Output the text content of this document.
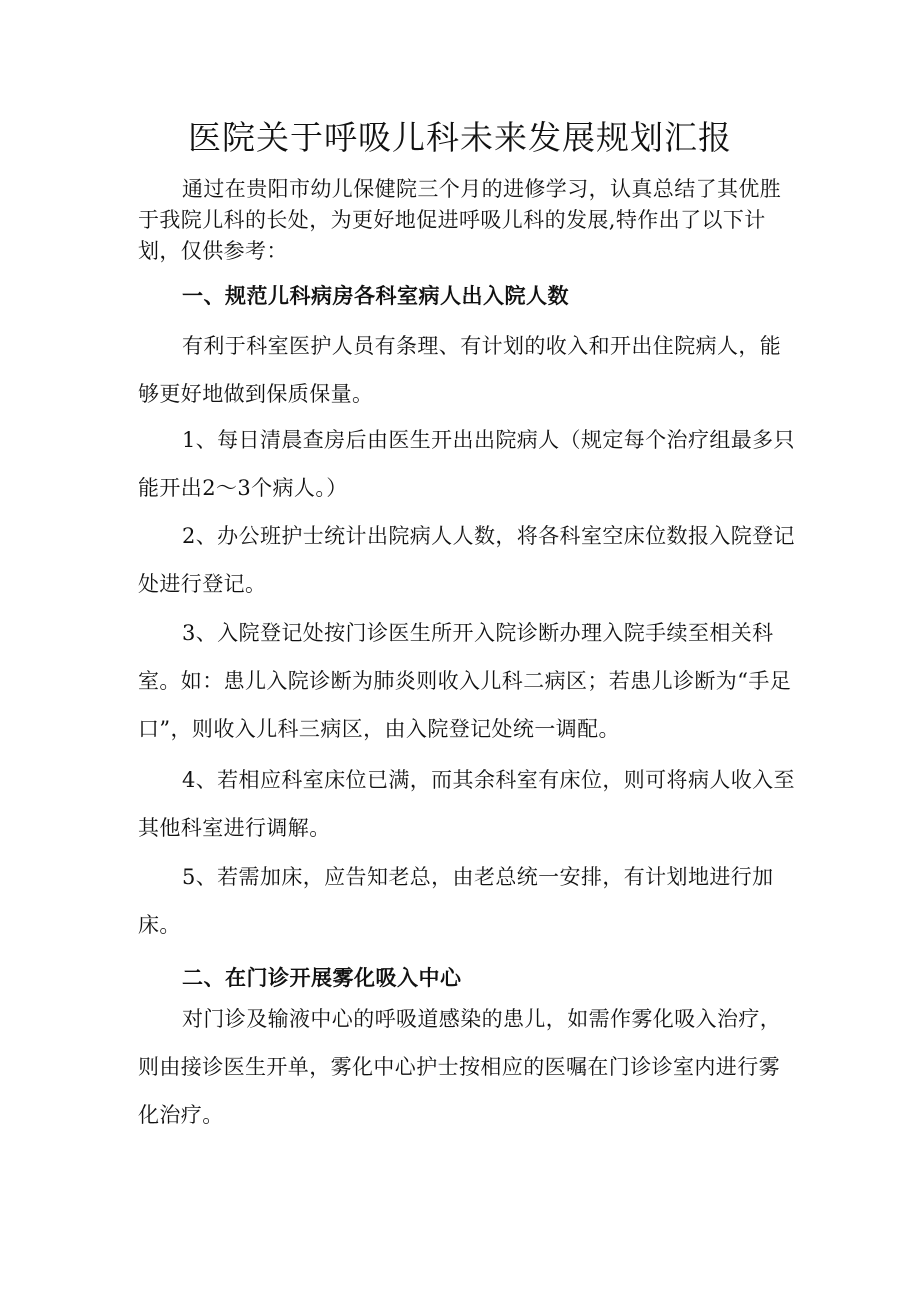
医院关于呼吸儿科未来发展规划汇报

通过在贵阳市幼儿保健院三个月的进修学习，认真总结了其优胜于我院儿科的长处，为更好地促进呼吸儿科的发展,特作出了以下计划，仅供参考：

一、规范儿科病房各科室病人出入院人数

有利于科室医护人员有条理、有计划的收入和开出住院病人，能够更好地做到保质保量。

1、每日清晨查房后由医生开出出院病人（规定每个治疗组最多只能开出2～3个病人。）

2、办公班护士统计出院病人人数，将各科室空床位数报入院登记处进行登记。

3、入院登记处按门诊医生所开入院诊断办理入院手续至相关科室。如：患儿入院诊断为肺炎则收入儿科二病区；若患儿诊断为“手足口”，则收入儿科三病区，由入院登记处统一调配。

4、若相应科室床位已满，而其余科室有床位，则可将病人收入至其他科室进行调解。

5、若需加床，应告知老总，由老总统一安排，有计划地进行加床。

二、在门诊开展雾化吸入中心

对门诊及输液中心的呼吸道感染的患儿，如需作雾化吸入治疗，则由接诊医生开单，雾化中心护士按相应的医嘱在门诊诊室内进行雾化治疗。
